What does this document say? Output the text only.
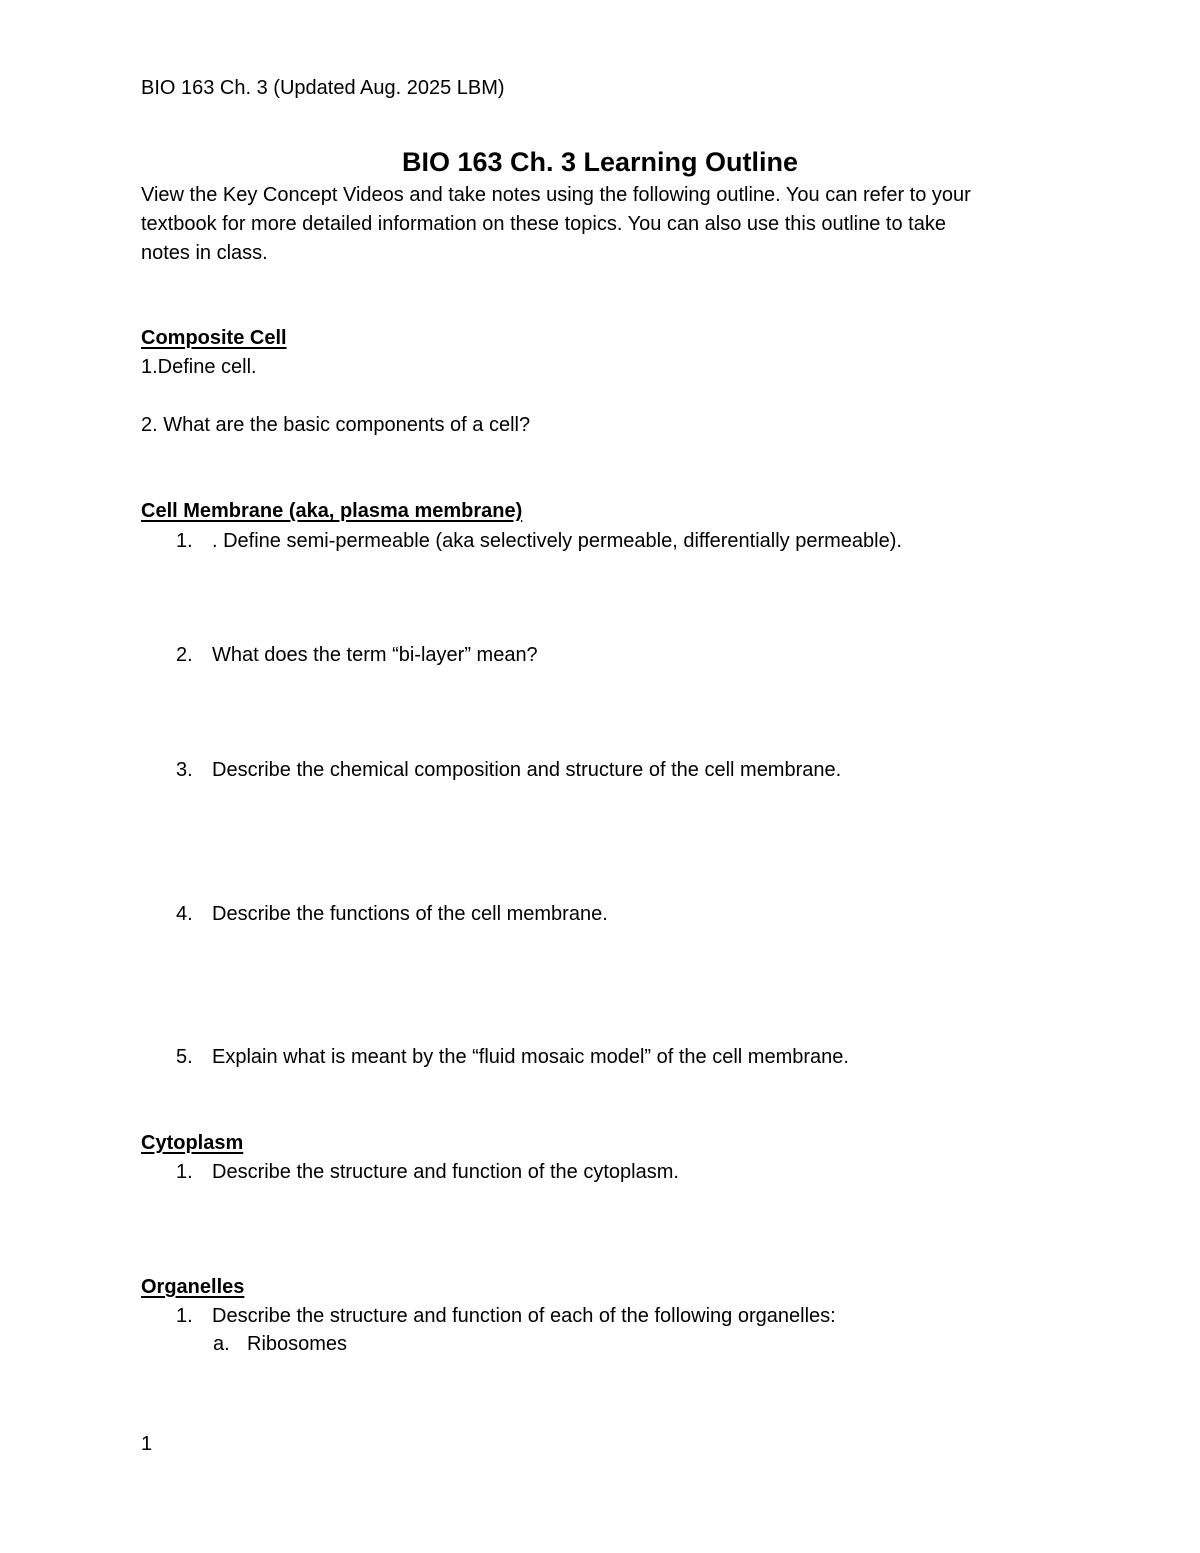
BIO 163 Ch. 3 (Updated Aug. 2025 LBM)
BIO 163 Ch. 3 Learning Outline
View the Key Concept Videos and take notes using the following outline. You can refer to your
textbook for more detailed information on these topics. You can also use this outline to take
notes in class.
Composite Cell
1.Define cell.
2. What are the basic components of a cell?
Cell Membrane (aka, plasma membrane)
1. . Define semi-permeable (aka selectively permeable, differentially permeable).
2. What does the term “bi-layer” mean?
3. Describe the chemical composition and structure of the cell membrane.
4. Describe the functions of the cell membrane.
5. Explain what is meant by the “fluid mosaic model” of the cell membrane.
Cytoplasm
1. Describe the structure and function of the cytoplasm.
Organelles
1. Describe the structure and function of each of the following organelles:
a. Ribosomes
1
